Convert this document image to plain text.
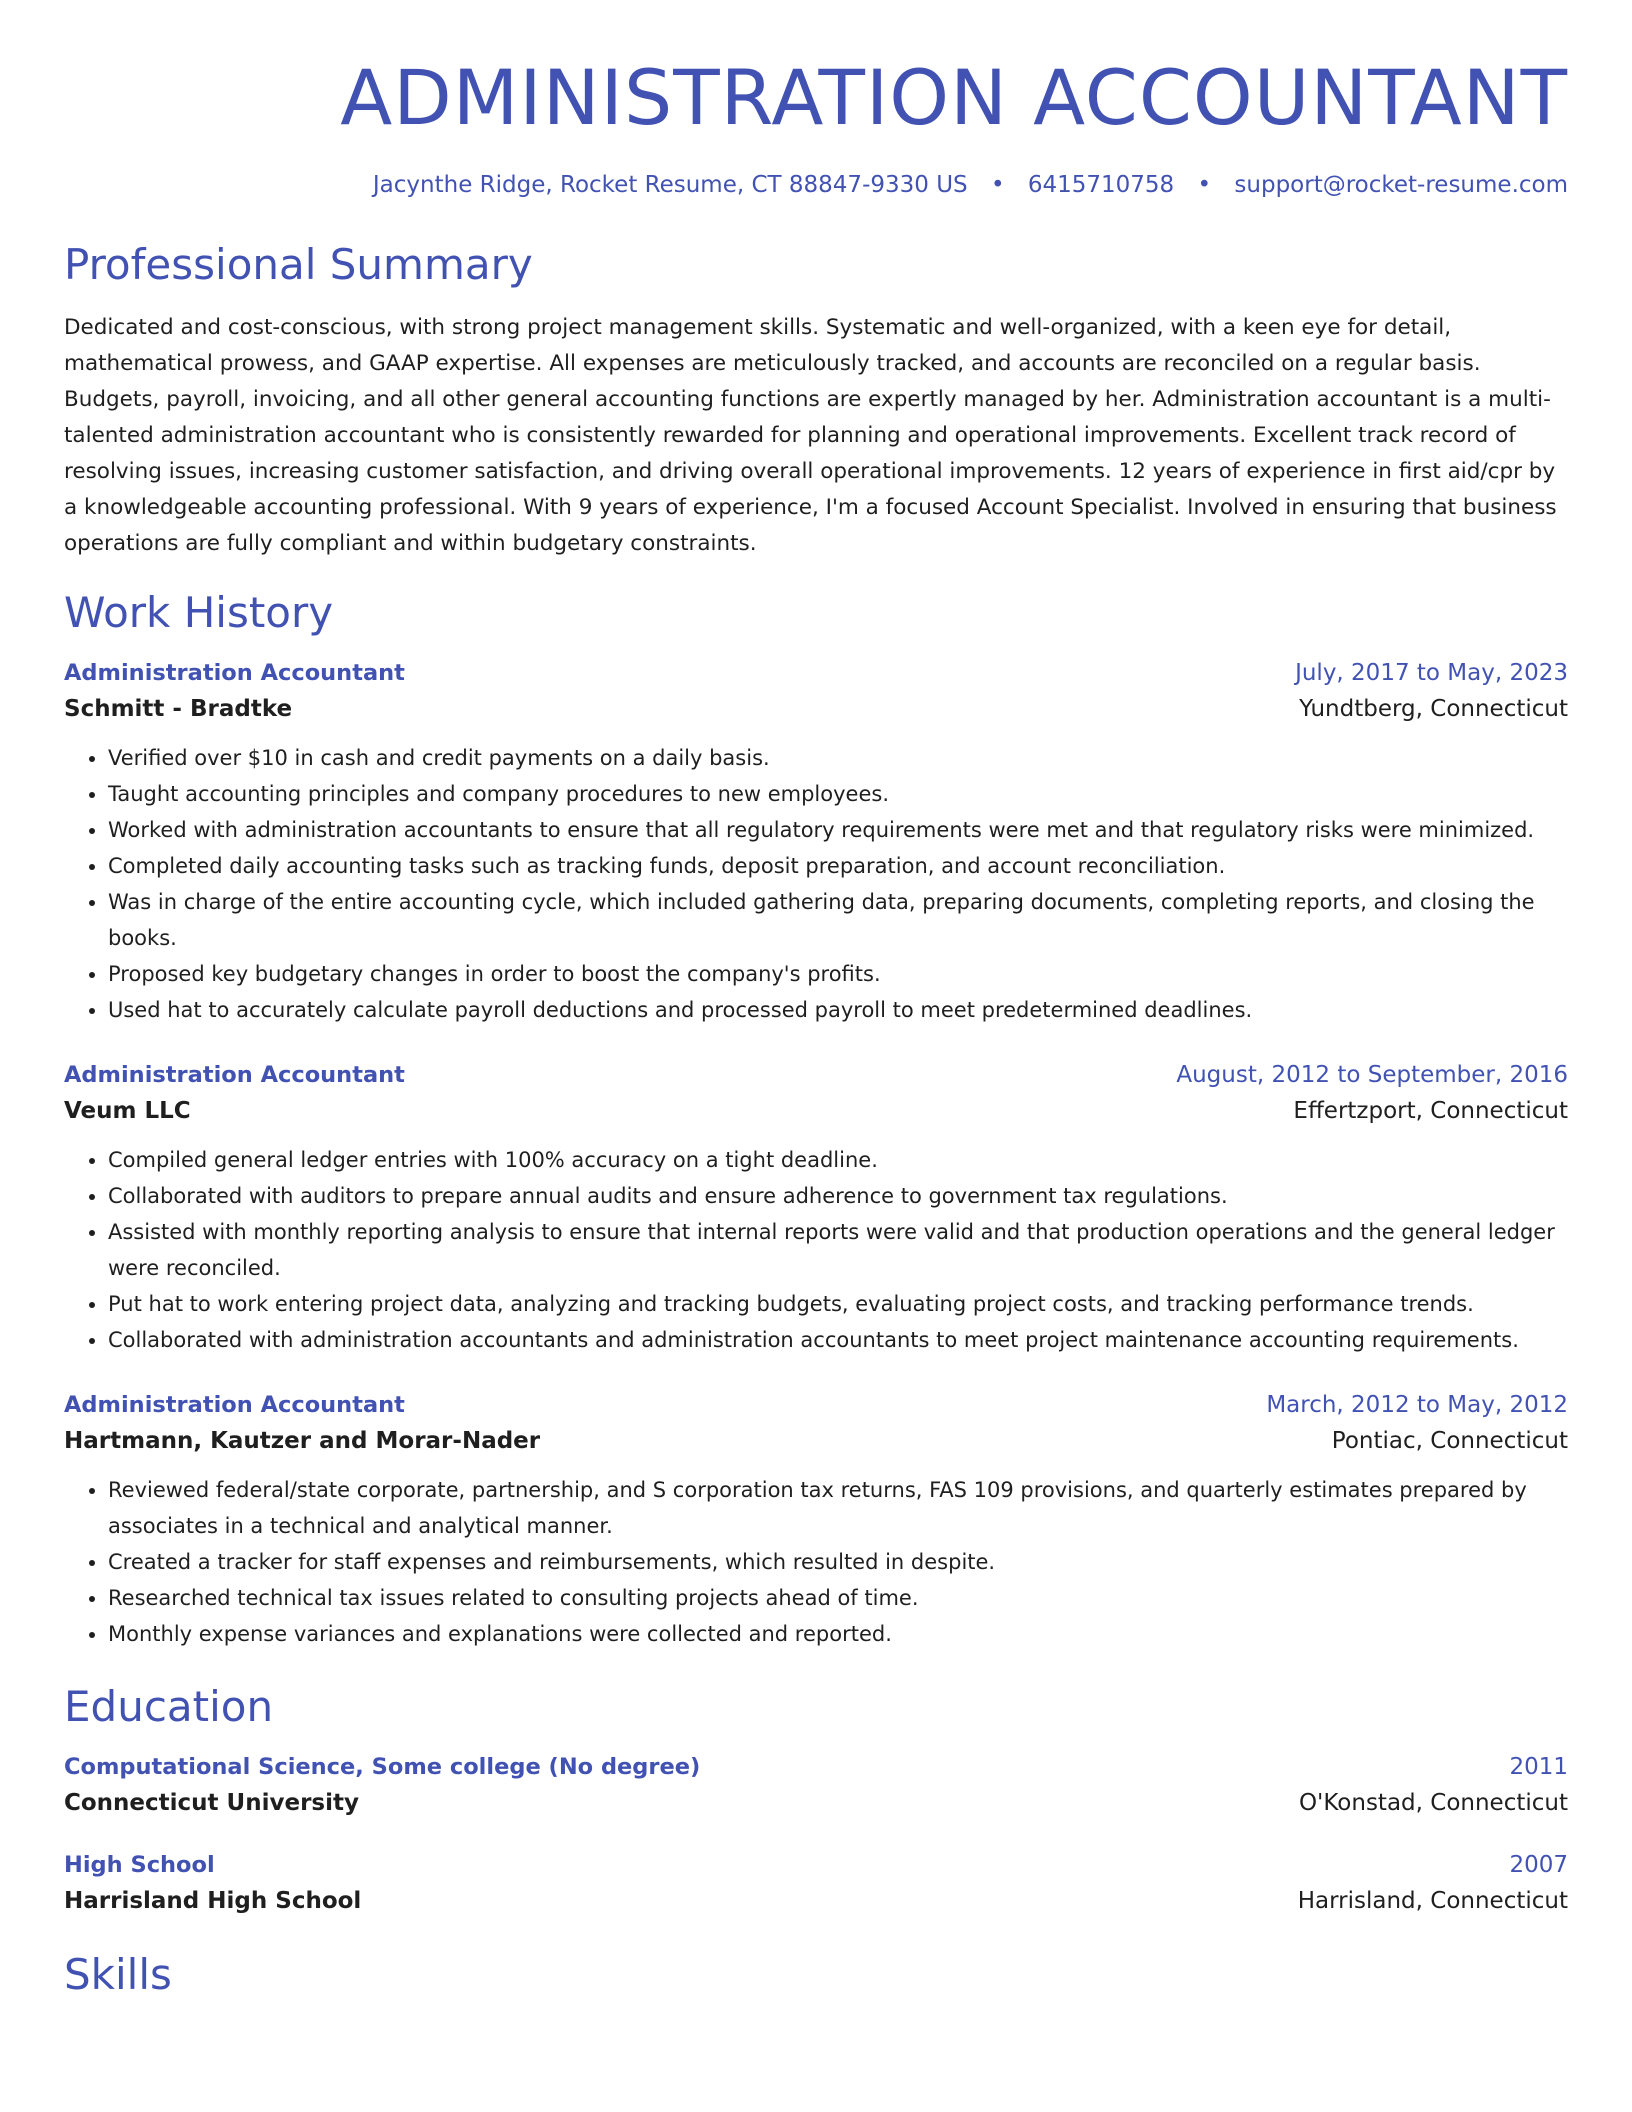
ADMINISTRATION ACCOUNTANT
Jacynthe Ridge, Rocket Resume, CT 88847-9330 US • 6415710758 • support@rocket-resume.com
Professional Summary
Dedicated and cost-conscious, with strong project management skills. Systematic and well-organized, with a keen eye for detail, mathematical prowess, and GAAP expertise. All expenses are meticulously tracked, and accounts are reconciled on a regular basis. Budgets, payroll, invoicing, and all other general accounting functions are expertly managed by her. Administration accountant is a multi-talented administration accountant who is consistently rewarded for planning and operational improvements. Excellent track record of resolving issues, increasing customer satisfaction, and driving overall operational improvements. 12 years of experience in first aid/cpr by a knowledgeable accounting professional. With 9 years of experience, I'm a focused Account Specialist. Involved in ensuring that business operations are fully compliant and within budgetary constraints.
Work History
Administration Accountant	July, 2017 to May, 2023
Schmitt - Bradtke	Yundtberg, Connecticut
• Verified over $10 in cash and credit payments on a daily basis.
• Taught accounting principles and company procedures to new employees.
• Worked with administration accountants to ensure that all regulatory requirements were met and that regulatory risks were minimized.
• Completed daily accounting tasks such as tracking funds, deposit preparation, and account reconciliation.
• Was in charge of the entire accounting cycle, which included gathering data, preparing documents, completing reports, and closing the books.
• Proposed key budgetary changes in order to boost the company's profits.
• Used hat to accurately calculate payroll deductions and processed payroll to meet predetermined deadlines.
Administration Accountant	August, 2012 to September, 2016
Veum LLC	Effertzport, Connecticut
• Compiled general ledger entries with 100% accuracy on a tight deadline.
• Collaborated with auditors to prepare annual audits and ensure adherence to government tax regulations.
• Assisted with monthly reporting analysis to ensure that internal reports were valid and that production operations and the general ledger were reconciled.
• Put hat to work entering project data, analyzing and tracking budgets, evaluating project costs, and tracking performance trends.
• Collaborated with administration accountants and administration accountants to meet project maintenance accounting requirements.
Administration Accountant	March, 2012 to May, 2012
Hartmann, Kautzer and Morar-Nader	Pontiac, Connecticut
• Reviewed federal/state corporate, partnership, and S corporation tax returns, FAS 109 provisions, and quarterly estimates prepared by associates in a technical and analytical manner.
• Created a tracker for staff expenses and reimbursements, which resulted in despite.
• Researched technical tax issues related to consulting projects ahead of time.
• Monthly expense variances and explanations were collected and reported.
Education
Computational Science, Some college (No degree)	2011
Connecticut University	O'Konstad, Connecticut
High School	2007
Harrisland High School	Harrisland, Connecticut
Skills
